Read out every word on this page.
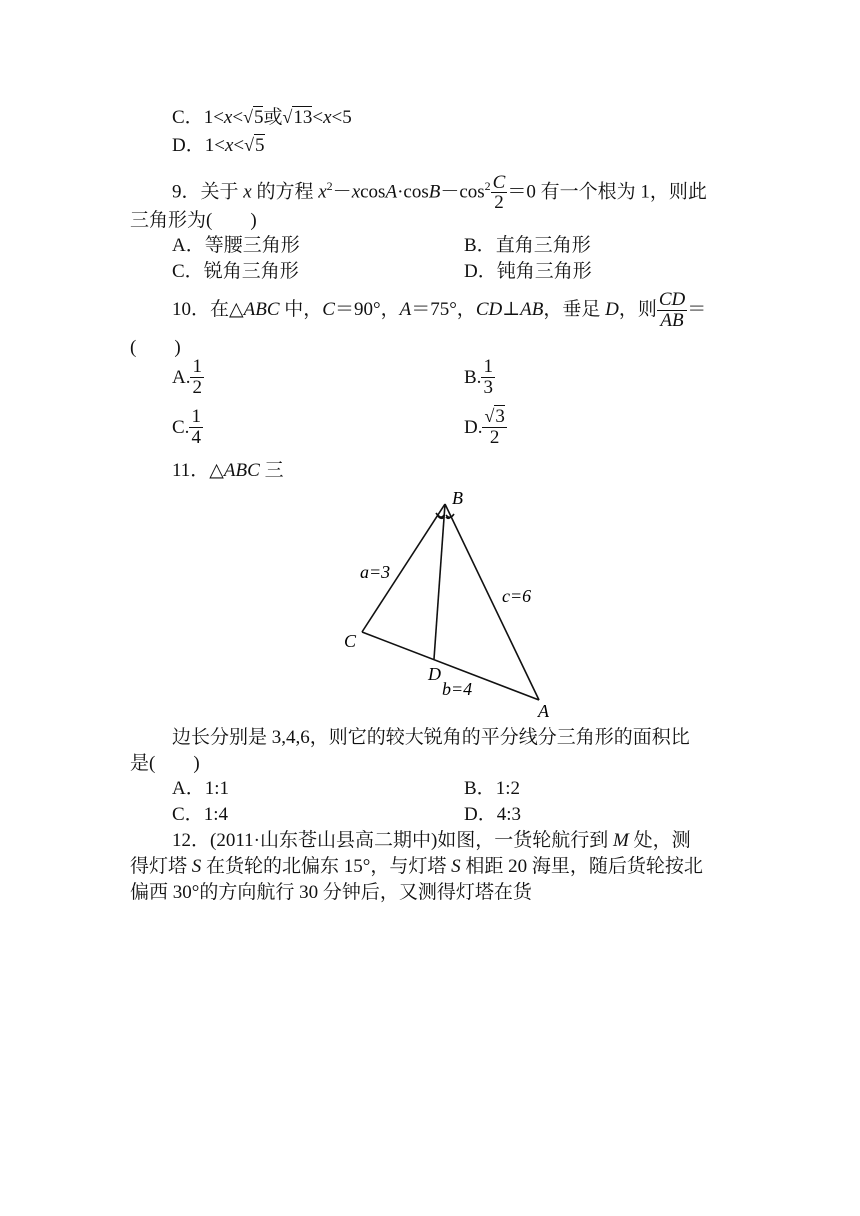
C．1<x<√5或√13<x<5
D．1<x<√5
9．关于 x 的方程 $x^2-xcosA\cdot\cos B-\cos^2 \frac{C}{2} =0$ 有一个根为 1，则此
三角形为(　　)
A．等腰三角形	B．直角三角形
C．锐角三角形	D．钝角三角形
10．在△ABC 中，C＝90°，A＝75°，CD⊥AB，垂足 D，则 $\frac{CD}{AB}$ ＝
(　　)
A. $\frac{1}{2}$	B. $\frac{1}{3}$
C. $\frac{1}{4}$	D. $\frac{√3}{2}$
11．△ABC 三
B
C
D
A
a=3
c=6
b=4
边长分别是 3,4,6，则它的较大锐角的平分线分三角形的面积比
是(　　)
A．1:1	B．1:2
C．1:4	D．4:3
12．(2011·山东苍山县高二期中)如图，一货轮航行到 M 处，测
得灯塔 S 在货轮的北偏东 15°，与灯塔 S 相距 20 海里，随后货轮按北
偏西 30°的方向航行 30 分钟后，又测得灯塔在货
